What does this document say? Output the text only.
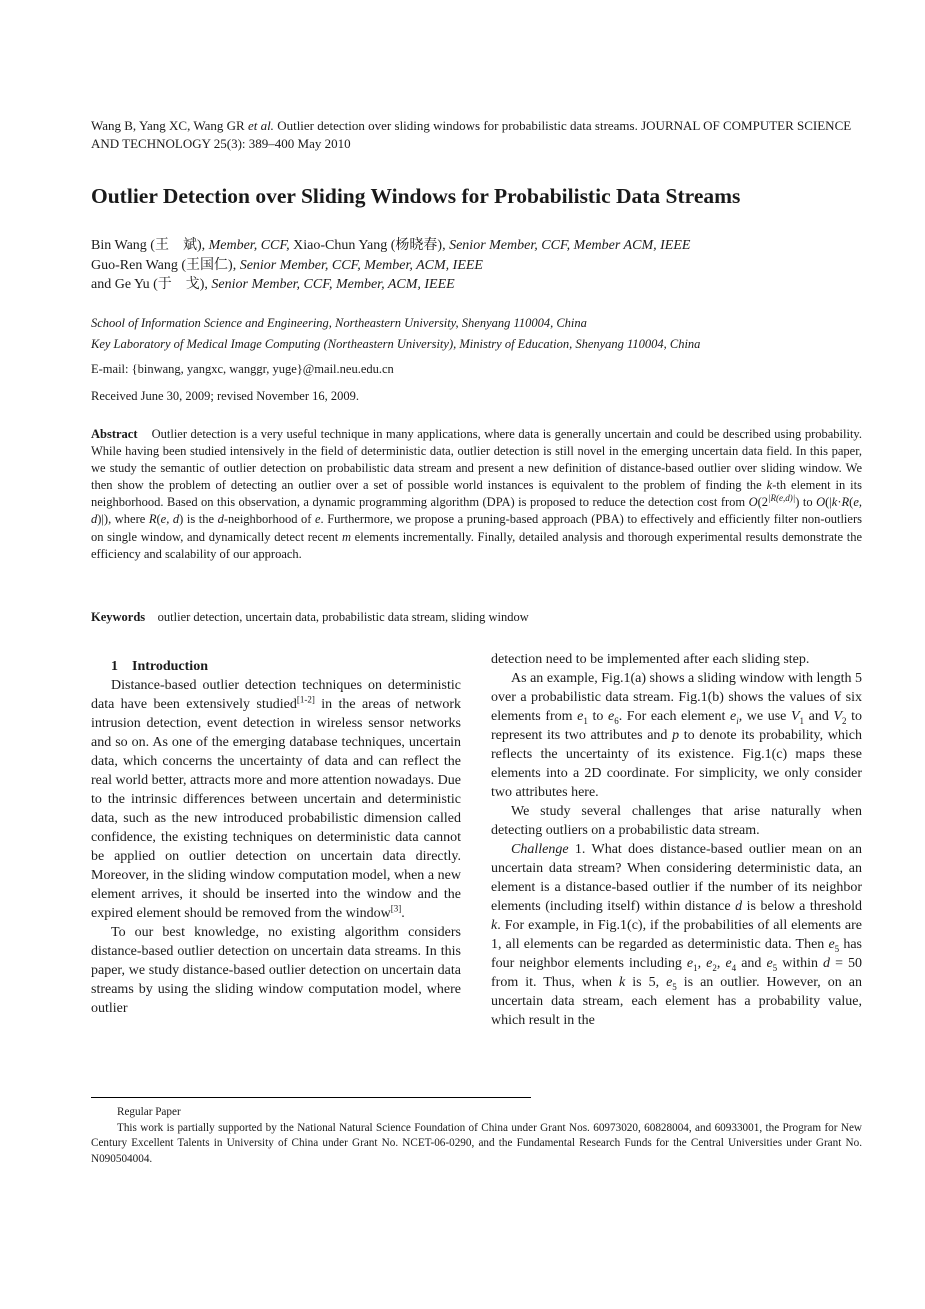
Wang B, Yang XC, Wang GR et al. Outlier detection over sliding windows for probabilistic data streams. JOURNAL OF COMPUTER SCIENCE AND TECHNOLOGY 25(3): 389–400 May 2010
Outlier Detection over Sliding Windows for Probabilistic Data Streams
Bin Wang (王　斌), Member, CCF, Xiao-Chun Yang (杨晓春), Senior Member, CCF, Member ACM, IEEE
Guo-Ren Wang (王国仁), Senior Member, CCF, Member, ACM, IEEE
and Ge Yu (于　戈), Senior Member, CCF, Member, ACM, IEEE
School of Information Science and Engineering, Northeastern University, Shenyang 110004, China
Key Laboratory of Medical Image Computing (Northeastern University), Ministry of Education, Shenyang 110004, China
E-mail: {binwang, yangxc, wanggr, yuge}@mail.neu.edu.cn
Received June 30, 2009; revised November 16, 2009.
Abstract Outlier detection is a very useful technique in many applications, where data is generally uncertain and could be described using probability. While having been studied intensively in the field of deterministic data, outlier detection is still novel in the emerging uncertain data field. In this paper, we study the semantic of outlier detection on probabilistic data stream and present a new definition of distance-based outlier over sliding window. We then show the problem of detecting an outlier over a set of possible world instances is equivalent to the problem of finding the k-th element in its neighborhood. Based on this observation, a dynamic programming algorithm (DPA) is proposed to reduce the detection cost from $O(2^{|R(e,d)|})$ to O(|k·R(e, d)|), where R(e, d) is the d-neighborhood of e. Furthermore, we propose a pruning-based approach (PBA) to effectively and efficiently filter non-outliers on single window, and dynamically detect recent m elements incrementally. Finally, detailed analysis and thorough experimental results demonstrate the efficiency and scalability of our approach.
Keywords outlier detection, uncertain data, probabilistic data stream, sliding window

1　Introduction

Distance-based outlier detection techniques on deterministic data have been extensively studied[1-2] in the areas of network intrusion detection, event detection in wireless sensor networks and so on. As one of the emerging database techniques, uncertain data, which concerns the uncertainty of data and can reflect the real world better, attracts more and more attention nowadays. Due to the intrinsic differences between uncertain and deterministic data, such as the new introduced probabilistic dimension called confidence, the existing techniques on deterministic data cannot be applied on outlier detection on uncertain data directly. Moreover, in the sliding window computation model, when a new element arrives, it should be inserted into the window and the expired element should be removed from the window[3].

To our best knowledge, no existing algorithm considers distance-based outlier detection on uncertain data streams. In this paper, we study distance-based outlier detection on uncertain data streams by using the sliding window computation model, where outlier

detection need to be implemented after each sliding step.

As an example, Fig.1(a) shows a sliding window with length 5 over a probabilistic data stream. Fig.1(b) shows the values of six elements from $e_1$ to $e_6$. For each element $e_i$, we use $V_1$ and $V_2$ to represent its two attributes and p to denote its probability, which reflects the uncertainty of its existence. Fig.1(c) maps these elements into a 2D coordinate. For simplicity, we only consider two attributes here.

We study several challenges that arise naturally when detecting outliers on a probabilistic data stream.

Challenge 1. What does distance-based outlier mean on an uncertain data stream? When considering deterministic data, an element is a distance-based outlier if the number of its neighbor elements (including itself) within distance d is below a threshold k. For example, in Fig.1(c), if the probabilities of all elements are 1, all elements can be regarded as deterministic data. Then $e_5$ has four neighbor elements including $e_1$, $e_2$, $e_4$ and $e_5$ within d = 50 from it. Thus, when k is 5, $e_5$ is an outlier. However, on an uncertain data stream, each element has a probability value, which result in the

Regular Paper

This work is partially supported by the National Natural Science Foundation of China under Grant Nos. 60973020, 60828004, and 60933001, the Program for New Century Excellent Talents in University of China under Grant No. NCET-06-0290, and the Fundamental Research Funds for the Central Universities under Grant No. N090504004.
